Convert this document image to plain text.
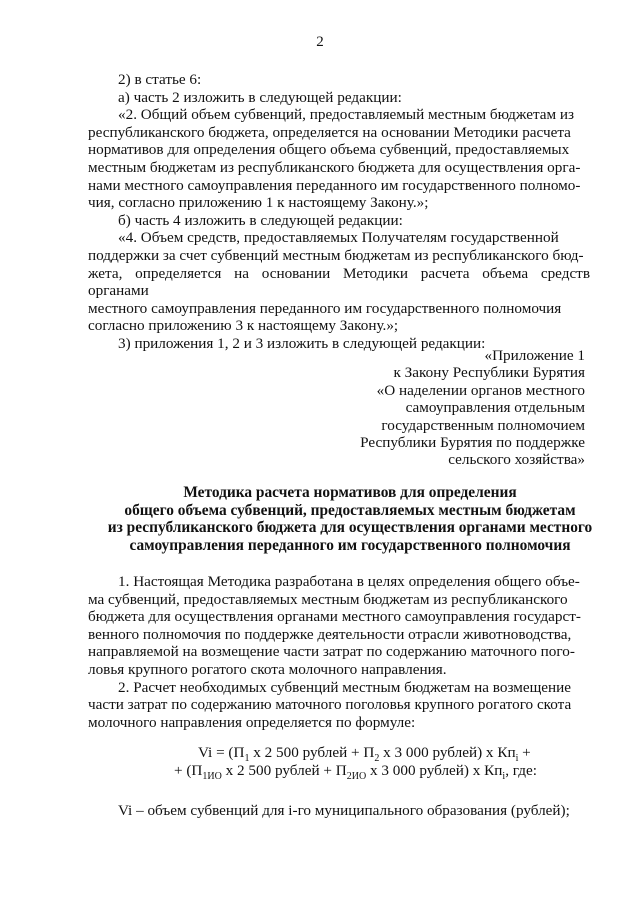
2
2) в статье 6:
а) часть 2 изложить в следующей редакции:
«2. Общий объем субвенций, предоставляемый местным бюджетам из
республиканского бюджета, определяется на основании Методики расчета
нормативов для определения общего объема субвенций, предоставляемых
местным бюджетам из республиканского бюджета для осуществления орга-
нами местного самоуправления переданного им государственного полномо-
чия, согласно приложению 1 к настоящему Закону.»;
б) часть 4 изложить в следующей редакции:
«4. Объем средств, предоставляемых Получателям государственной
поддержки за счет субвенций местным бюджетам из республиканского бюд-
жета, определяется на основании Методики расчета объема средств органами
местного самоуправления переданного им государственного полномочия
согласно приложению 3 к настоящему Закону.»;
3) приложения 1, 2 и 3 изложить в следующей редакции:
«Приложение 1
к Закону Республики Бурятия
«О наделении органов местного
самоуправления отдельным
государственным полномочием
Республики Бурятия по поддержке
сельского хозяйства»
Методика расчета нормативов для определения
общего объема субвенций, предоставляемых местным бюджетам
из республиканского бюджета для осуществления органами местного
самоуправления переданного им государственного полномочия
1. Настоящая Методика разработана в целях определения общего объе-
ма субвенций, предоставляемых местным бюджетам из республиканского
бюджета для осуществления органами местного самоуправления государст-
венного полномочия по поддержке деятельности отрасли животноводства,
направляемой на возмещение части затрат по содержанию маточного пого-
ловья крупного рогатого скота молочного направления.
2. Расчет необходимых субвенций местным бюджетам на возмещение
части затрат по содержанию маточного поголовья крупного рогатого скота
молочного направления определяется по формуле:
$Vi = (П_1$ х 2 500 рублей + $П_2$ х 3 000 рублей) х $Кп_i$ +
+ ($П_{1ИО}$ х 2 500 рублей + $П_{2ИО}$ х 3 000 рублей) х $Кп_i$, где:
Vi – объем субвенций для i-го муниципального образования (рублей);
